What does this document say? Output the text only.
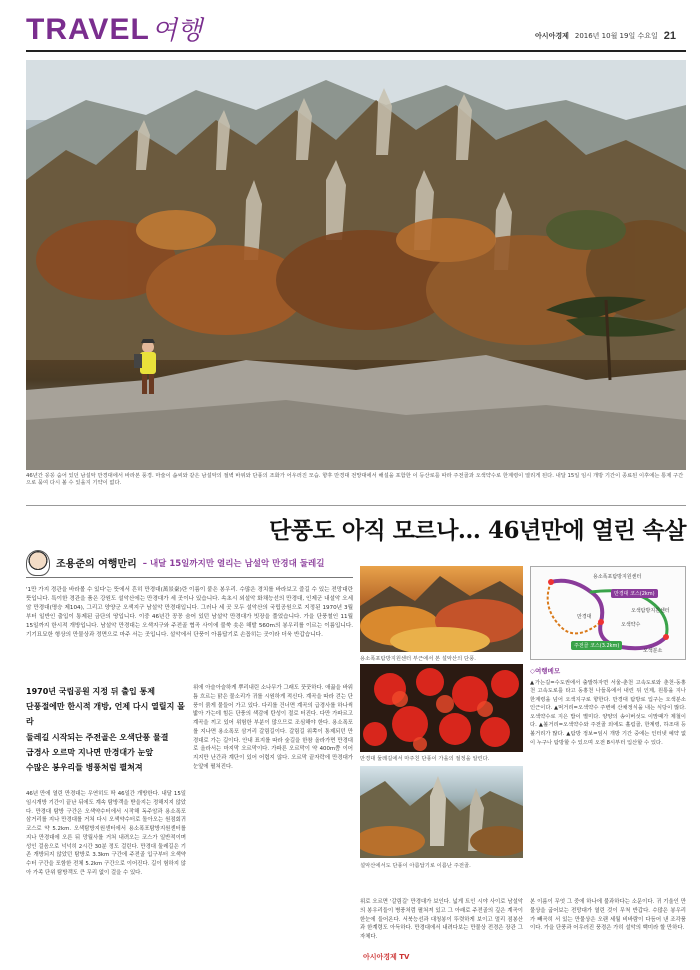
TRAVEL 여행	아시아경제 2016년 10월 19일 수요일 21
46년간 꽁꽁 숨어 있던 남설악 만경대에서 바라본 풍경. 마술이 솜씨와 같은 남설악의 절벽 바위와 단풍의 조화가 어우러진 모습. 향후 만경대 전망대에서 해설을 포함한 이 등산로를 따라 주전골과 오색약수로 한계령이 열리게 된다. 내달 15일 임시 개방 기간이 종료된 이후에는 통제 구간으로 묶여 다시 볼 수 있을지 기약이 없다.
단풍도 아직 모르나… 46년만에 열린 속살
조용준의 여행만리 – 내달 15일까지만 열리는 남설악 만경대 둘레길
'1만 가지 경관을 바라볼 수 있다'는 뜻에서 흔히 만경대(萬景臺)란 이름이 붙은 봉우리. 수많은 경치를 바라보고 즐길 수 있는 전망대란 뜻입니다. 특이한 경관을 품은 강원도 설악산에는 만경대가 세 곳이나 있습니다. 속초시 외설악 화채능선의 만경대, 인제군 내설악 오세암 만경대(명승 제104), 그리고 양양군 오색지구 남설악 만경대입니다. 그러나 세 곳 모두 설악산의 국립공원으로 지정된 1970년 3월부터 일반인 출입이 통제된 금단의 땅입니다. 이중 46년간 꽁꽁 숨어 있던 남설악 만경대가 빗장을 풀었습니다. 가을 단풍철인 11월 15일까지 한시적 개방입니다. 남설악 만경대는 오색지구와 주전골 협곡 사이에 불쑥 솟은 해발 560m의 봉우리를 이르는 이름입니다. 기기묘묘한 형상의 만물상과 정면으로 마주 서는 곳입니다. 설악에서 단풍이 아름답기로 손꼽히는 곳이라 더욱 반갑습니다.
1970년 국립공원 지정 뒤 출입 통제
단풍절에만 한시적 개방, 언제 다시 열릴지 몰라
둘레길 시작되는 주전골은 오색단풍 물결
급경사 오르막 지나면 만경대가 눈앞
수많은 봉우리들 병풍처럼 펼쳐져
46년 만에 열린 만경대는 우연히도 딱 46일간 개방한다. 내달 15일 임시개방 기간이 끝난 뒤에도 계속 탐방객을 받을지는 정해지지 않았다. 만경대 탐방 구간은 오색약수터에서 시작해 독주암과 용소폭포 삼거리를 지나 만경대를 거쳐 다시 오색약수터로 돌아오는 원점회귀 코스로 약 5.2km. 오색탐방지원센터에서 용소폭포탐방지원센터를 지나 만경대에 오른 뒤 망월사를 거쳐 내려오는 코스가 일반적이며 성인 걸음으로 넉넉히 2시간 30분 정도 걸린다. 만경대 둘레길은 기존 개방되지 않았던 탐방로 3.3km 구간에 주전골 입구부터 오색약수터 구간을 포함한 전체 5.2km 구간으로 이어진다. 길이 험하지 않아 가족 단위 탐방객도 큰 무리 없이 걸을 수 있다.
위에 아슬아슬하게 뿌리내린 소나무가 그래도 꿋꿋하다. 애끓을 바위틈 흐르는 맑은 물소리가 귀를 시원하게 적신다. 계곡을 따라 걷는 단풍이 붉게 물들어 가고 있다. 다리를 건너면 계곡의 급경사를 하나씩 밟아 가는데 힘든 단풍의 색감에 탄성이 절로 터진다. 다만 가파르고 계곡을 끼고 있어 위험한 부분이 많으므로 조심해야 한다. 용소폭포를 지나면 용소폭포 삼거리 갈림길이다. 갈림길 위쪽이 통제되던 만경대로 가는 길이다. 안내 표지를 따라 숲길을 한참 올라가면 만경대로 올라서는 마지막 오르막이다. 가파른 오르막이 약 400m쯤 이어지지만 난간과 계단이 있어 어렵지 않다. 오르막 끝자락에 만경대가 눈앞에 펼쳐진다.
위로 오르면 '갈림길' 만경대가 보인다. 넓게 트인 시야 사이로 남설악의 봉우리들이 병풍처럼 펼쳐져 있고 그 아래로 주전골의 깊은 계곡이 한눈에 들어온다. 서북능선과 대청봉이 뚜렷하게 보이고 멀리 점봉산과 한계령도 아득하다. 만경대에서 내려다보는 만물상 전경은 장관 그 자체다.
본 이름이 무엇 그 중에 하나에 불과하다는 소문이다. 귀 기울인 만물상을 굽어보는 전망대가 열린 것이 무척 반갑다. 수많은 봉우리가 빼곡히 서 있는 만물상은 오랜 세월 비바람이 다듬어 낸 조각품이다. 가을 단풍과 어우러진 풍경은 가히 설악의 백미라 할 만하다.
용소폭포탐방지원센터 부근에서 본 설악산의 단풍.
만경대 둘레길에서 마주친 단풍이 가을의 절정을 알린다.
설악산에서도 단풍이 아름답기로 이름난 주전골.
용소폭포탐방지원센터
만경대 코스(2km)
만경대
오색약수
주전골 코스(3.2km)
오색탐방지원센터
오색분소
◇여행메모
▲가는길=수도권에서 출발하자면 서울-춘천 고속도로와 춘천-동홍천 고속도로를 타고 동홍천 나들목에서 내린 뒤 인제, 원통을 지나 한계령을 넘어 오색지구로 향한다. 만경대 탐방로 입구는 오색분소 인근이다. ▲먹거리=오색약수 주변에 산채정식을 내는 식당이 많다. 오색약수로 지은 밥이 별미다. 양양의 송이버섯도 이맘때가 제철이다. ▲볼거리=오색약수와 주전골 외에도 흘림골, 한계령, 하조대 등 볼거리가 많다. ▲탐방 정보=임시 개방 기간 중에는 인터넷 예약 없이 누구나 탐방할 수 있으며 오전 8시부터 입산할 수 있다.
아시아경제 TV
